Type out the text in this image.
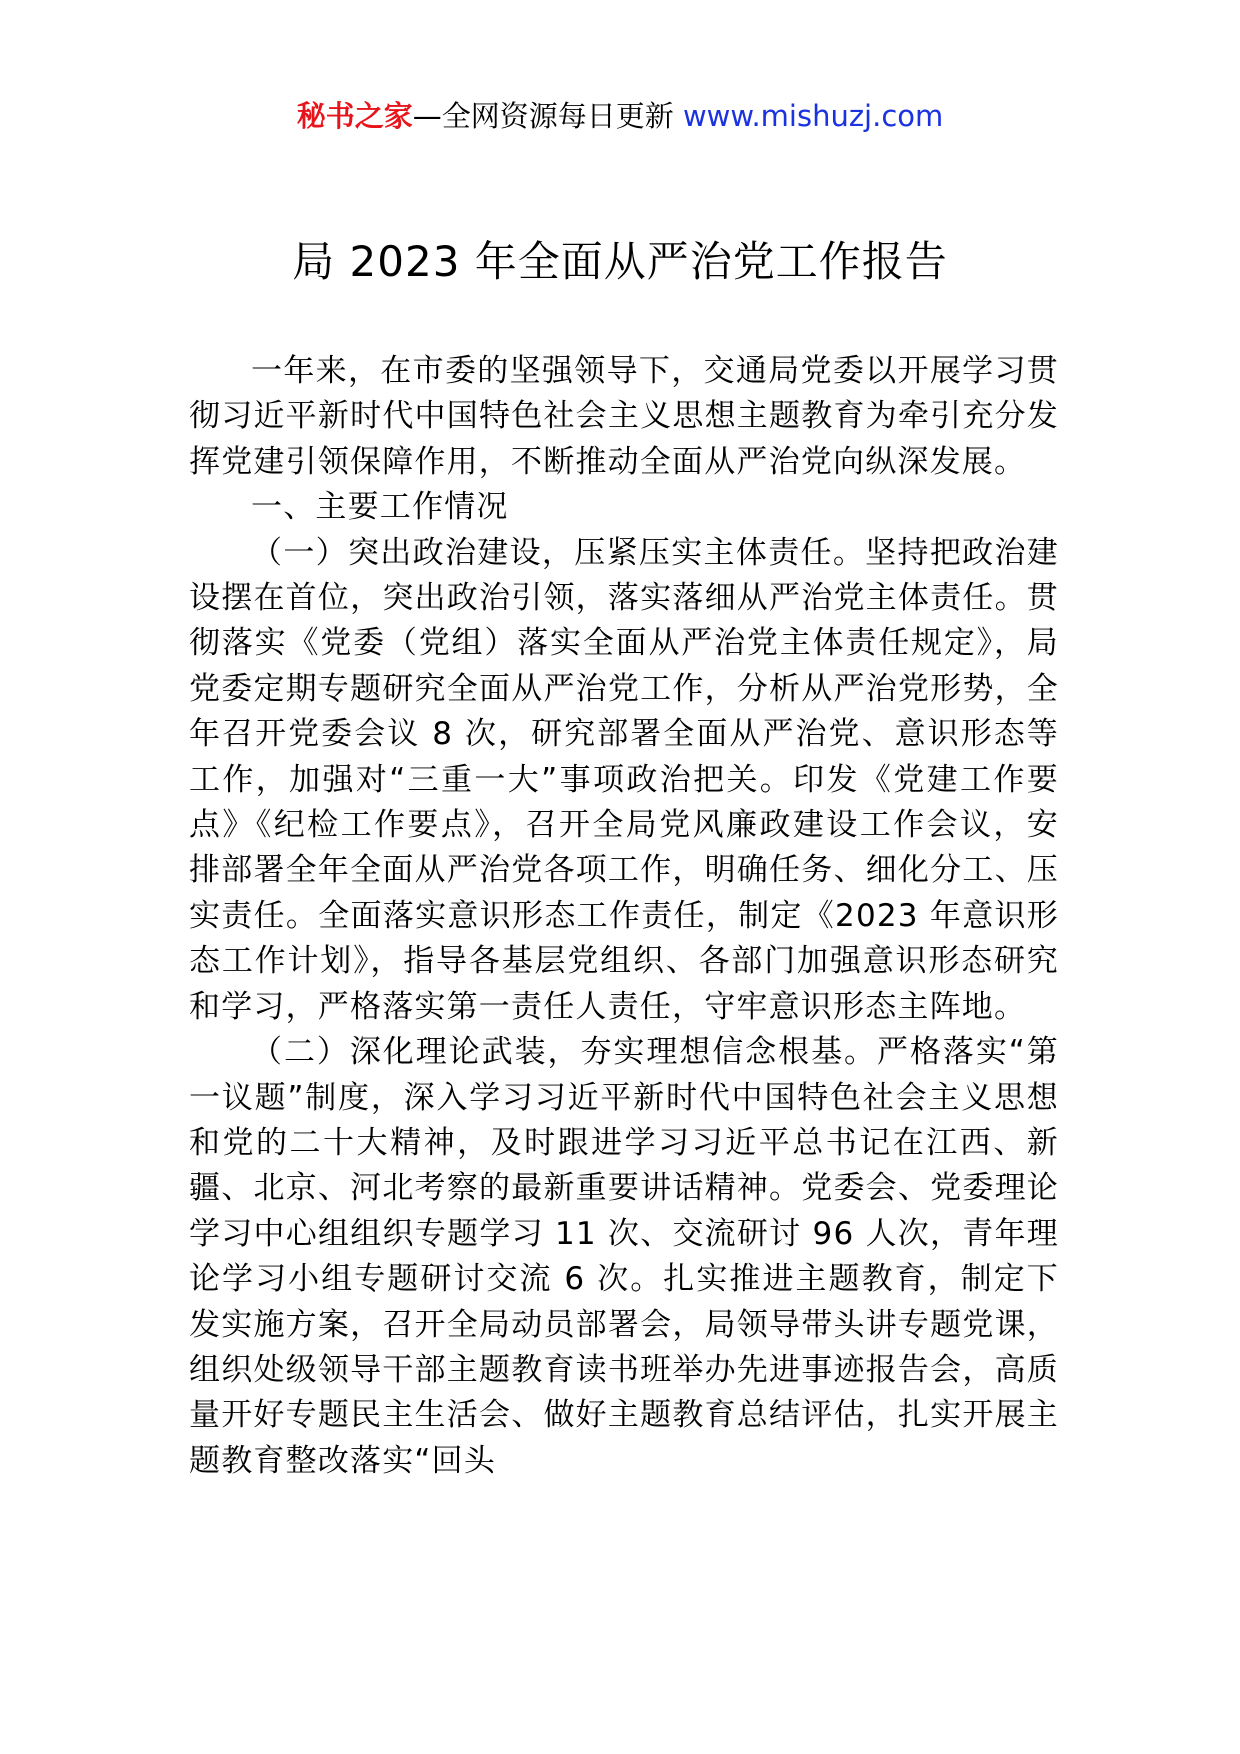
秘书之家—全网资源每日更新 www.mishuzj.com
局 2023 年全面从严治党工作报告

一年来，在市委的坚强领导下，交通局党委以开展学习贯彻习近平新时代中国特色社会主义思想主题教育为牵引充分发挥党建引领保障作用，不断推动全面从严治党向纵深发展。

一、主要工作情况

（一）突出政治建设，压紧压实主体责任。坚持把政治建设摆在首位，突出政治引领，落实落细从严治党主体责任。贯彻落实《党委（党组）落实全面从严治党主体责任规定》，局党委定期专题研究全面从严治党工作，分析从严治党形势，全年召开党委会议 8 次，研究部署全面从严治党、意识形态等工作，加强对“三重一大”事项政治把关。印发《党建工作要点》《纪检工作要点》，召开全局党风廉政建设工作会议，安排部署全年全面从严治党各项工作，明确任务、细化分工、压实责任。全面落实意识形态工作责任，制定《2023 年意识形态工作计划》，指导各基层党组织、各部门加强意识形态研究和学习，严格落实第一责任人责任，守牢意识形态主阵地。

（二）深化理论武装，夯实理想信念根基。严格落实“第一议题”制度，深入学习习近平新时代中国特色社会主义思想和党的二十大精神，及时跟进学习习近平总书记在江西、新疆、北京、河北考察的最新重要讲话精神。党委会、党委理论学习中心组组织专题学习 11 次、交流研讨 96 人次，青年理论学习小组专题研讨交流 6 次。扎实推进主题教育，制定下发实施方案，召开全局动员部署会，局领导带头讲专题党课，组织处级领导干部主题教育读书班举办先进事迹报告会，高质量开好专题民主生活会、做好主题教育总结评估，扎实开展主题教育整改落实“回头
